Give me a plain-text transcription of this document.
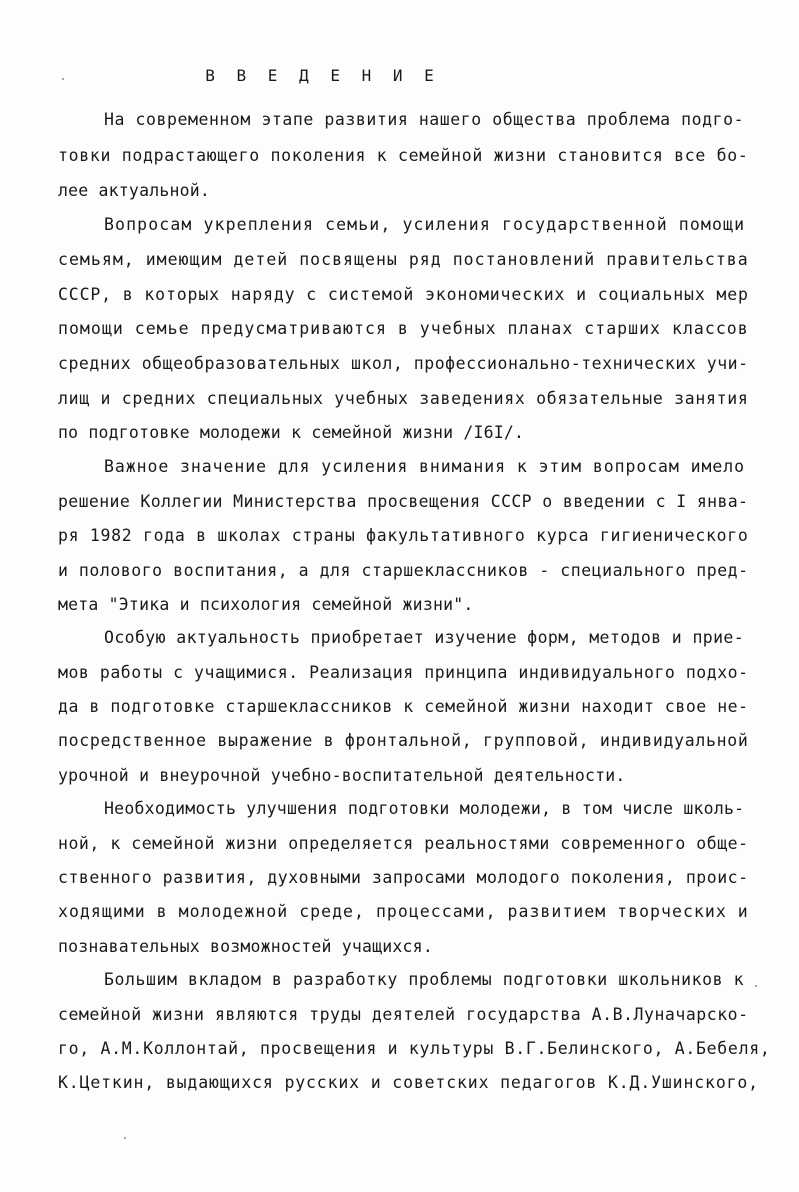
В В Е Д Е Н И Е
На современном этапе развития нашего общества проблема подго-
товки подрастающего поколения к семейной жизни становится все бо-
лее актуальной.
Вопросам укрепления семьи, усиления государственной помощи
семьям, имеющим детей посвящены ряд постановлений правительства
СССР, в которых наряду с системой экономических и социальных мер
помощи семье предусматриваются в учебных планах старших классов
средних общеобразовательных школ, профессионально-технических учи-
лищ и средних специальных учебных заведениях обязательные занятия
по подготовке молодежи к семейной жизни /I6I/.
Важное значение для усиления внимания к этим вопросам имело
решение Коллегии Министерства просвещения СССР о введении с I янва-
ря 1982 года в школах страны факультативного курса гигиенического
и полового воспитания, а для старшеклассников - специального пред-
мета "Этика и психология семейной жизни".
Особую актуальность приобретает изучение форм, методов и прие-
мов работы с учащимися. Реализация принципа индивидуального подхо-
да в подготовке старшеклассников к семейной жизни находит свое не-
посредственное выражение в фронтальной, групповой, индивидуальной
урочной и внеурочной учебно-воспитательной деятельности.
Необходимость улучшения подготовки молодежи, в том числе школь-
ной, к семейной жизни определяется реальностями современного обще-
ственного развития, духовными запросами молодого поколения, проис-
ходящими в молодежной среде, процессами, развитием творческих и
познавательных возможностей учащихся.
Большим вкладом в разработку проблемы подготовки школьников к
семейной жизни являются труды деятелей государства А.В.Луначарско-
го, А.М.Коллонтай, просвещения и культуры В.Г.Белинского, А.Бебеля,
К.Цеткин, выдающихся русских и советских педагогов К.Д.Ушинского,
